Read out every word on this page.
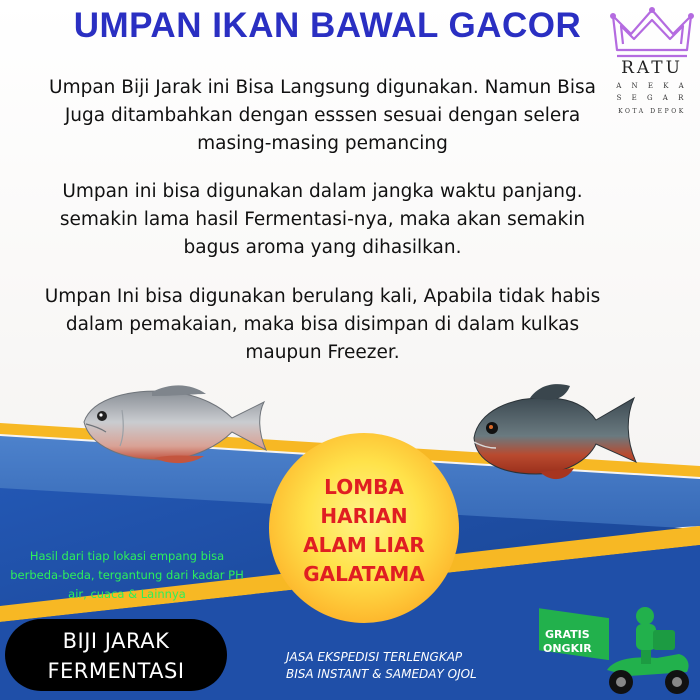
UMPAN IKAN BAWAL GACOR

Umpan Biji Jarak ini Bisa Langsung digunakan. Namun Bisa Juga ditambahkan dengan esssen sesuai dengan selera masing-masing pemancing

Umpan ini bisa digunakan dalam jangka waktu panjang. semakin lama hasil Fermentasi-nya, maka akan semakin bagus aroma yang dihasilkan.

Umpan Ini bisa digunakan berulang kali, Apabila tidak habis dalam pemakaian, maka bisa disimpan di dalam kulkas maupun Freezer.

RATU
A N E K A
S E G A R
KOTA DEPOK
LOMBA
HARIAN
ALAM LIAR
GALATAMA
Hasil dari tiap lokasi empang bisa berbeda-beda, tergantung dari kadar PH air, cuaca & Lainnya
BIJI JARAK
FERMENTASI
JASA EKSPEDISI TERLENGKAP
BISA INSTANT & SAMEDAY OJOL
GRATIS
ONGKIR
